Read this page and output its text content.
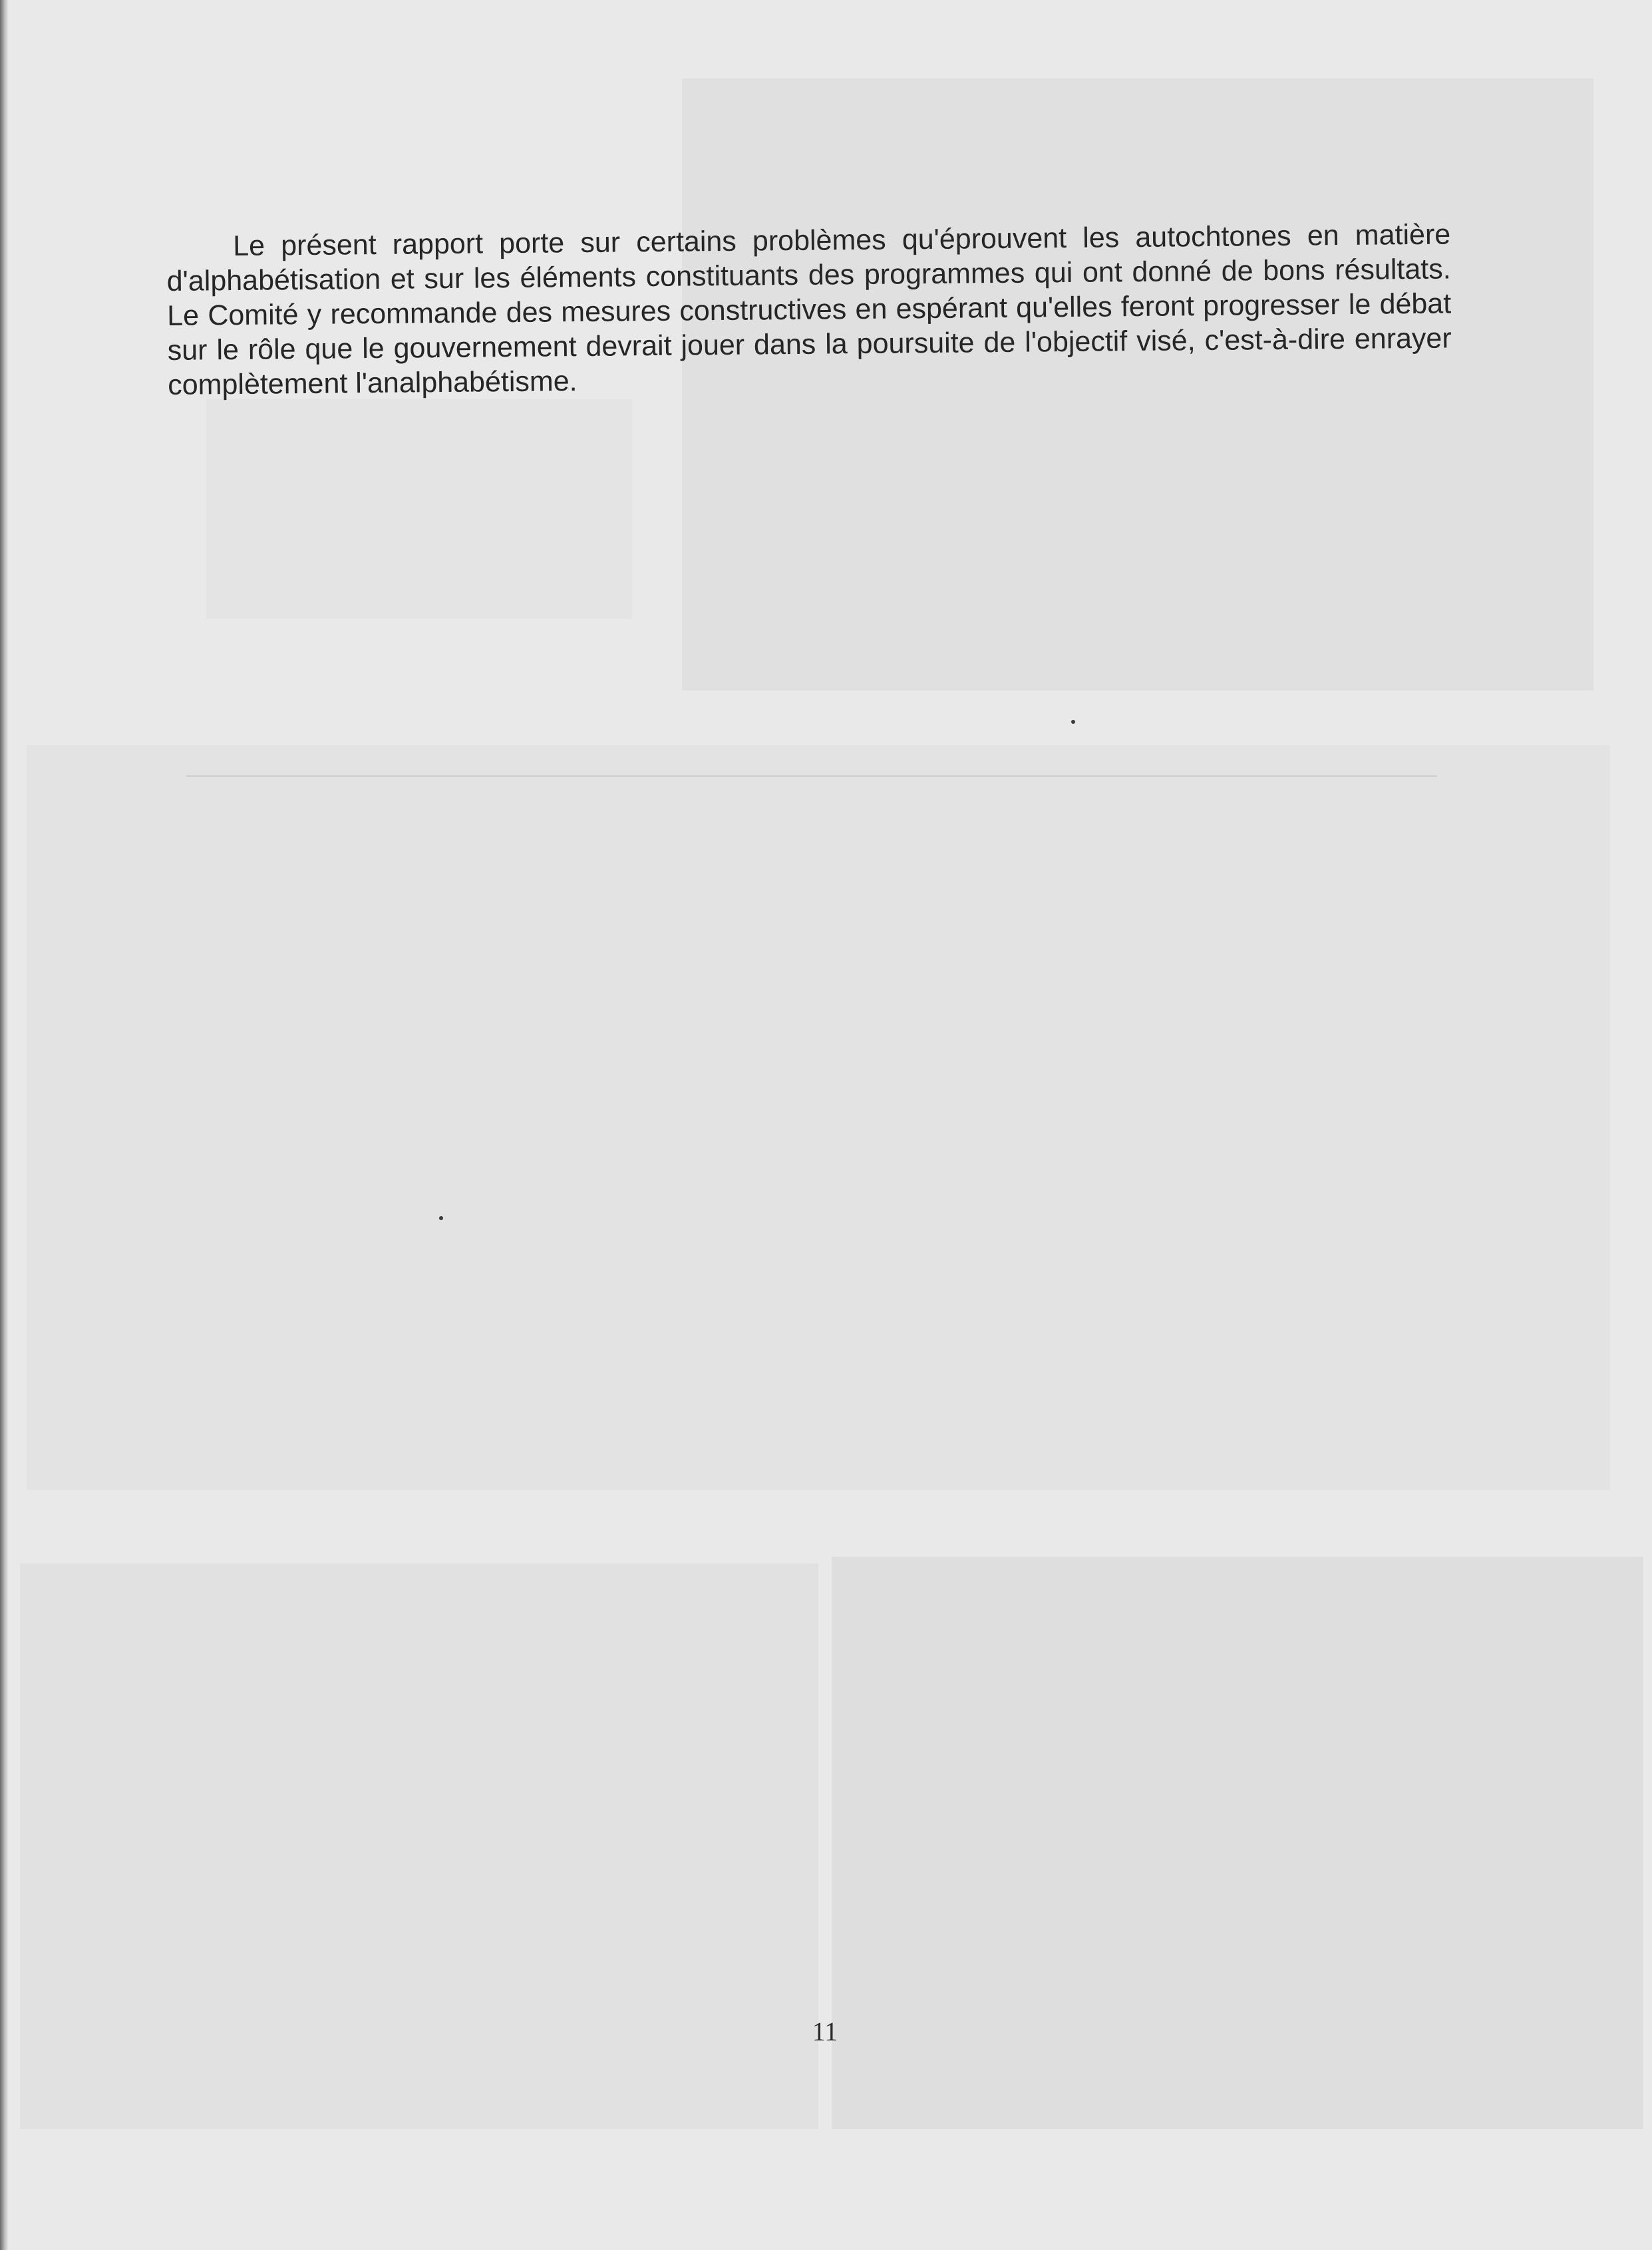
Le présent rapport porte sur certains problèmes qu'éprouvent les autochtones en matière d'alphabétisation et sur les éléments constituants des programmes qui ont donné de bons résultats. Le Comité y recommande des mesures constructives en espérant qu'elles feront progresser le débat sur le rôle que le gouvernement devrait jouer dans la poursuite de l'objectif visé, c'est-à-dire enrayer complètement l'analphabétisme.

11
